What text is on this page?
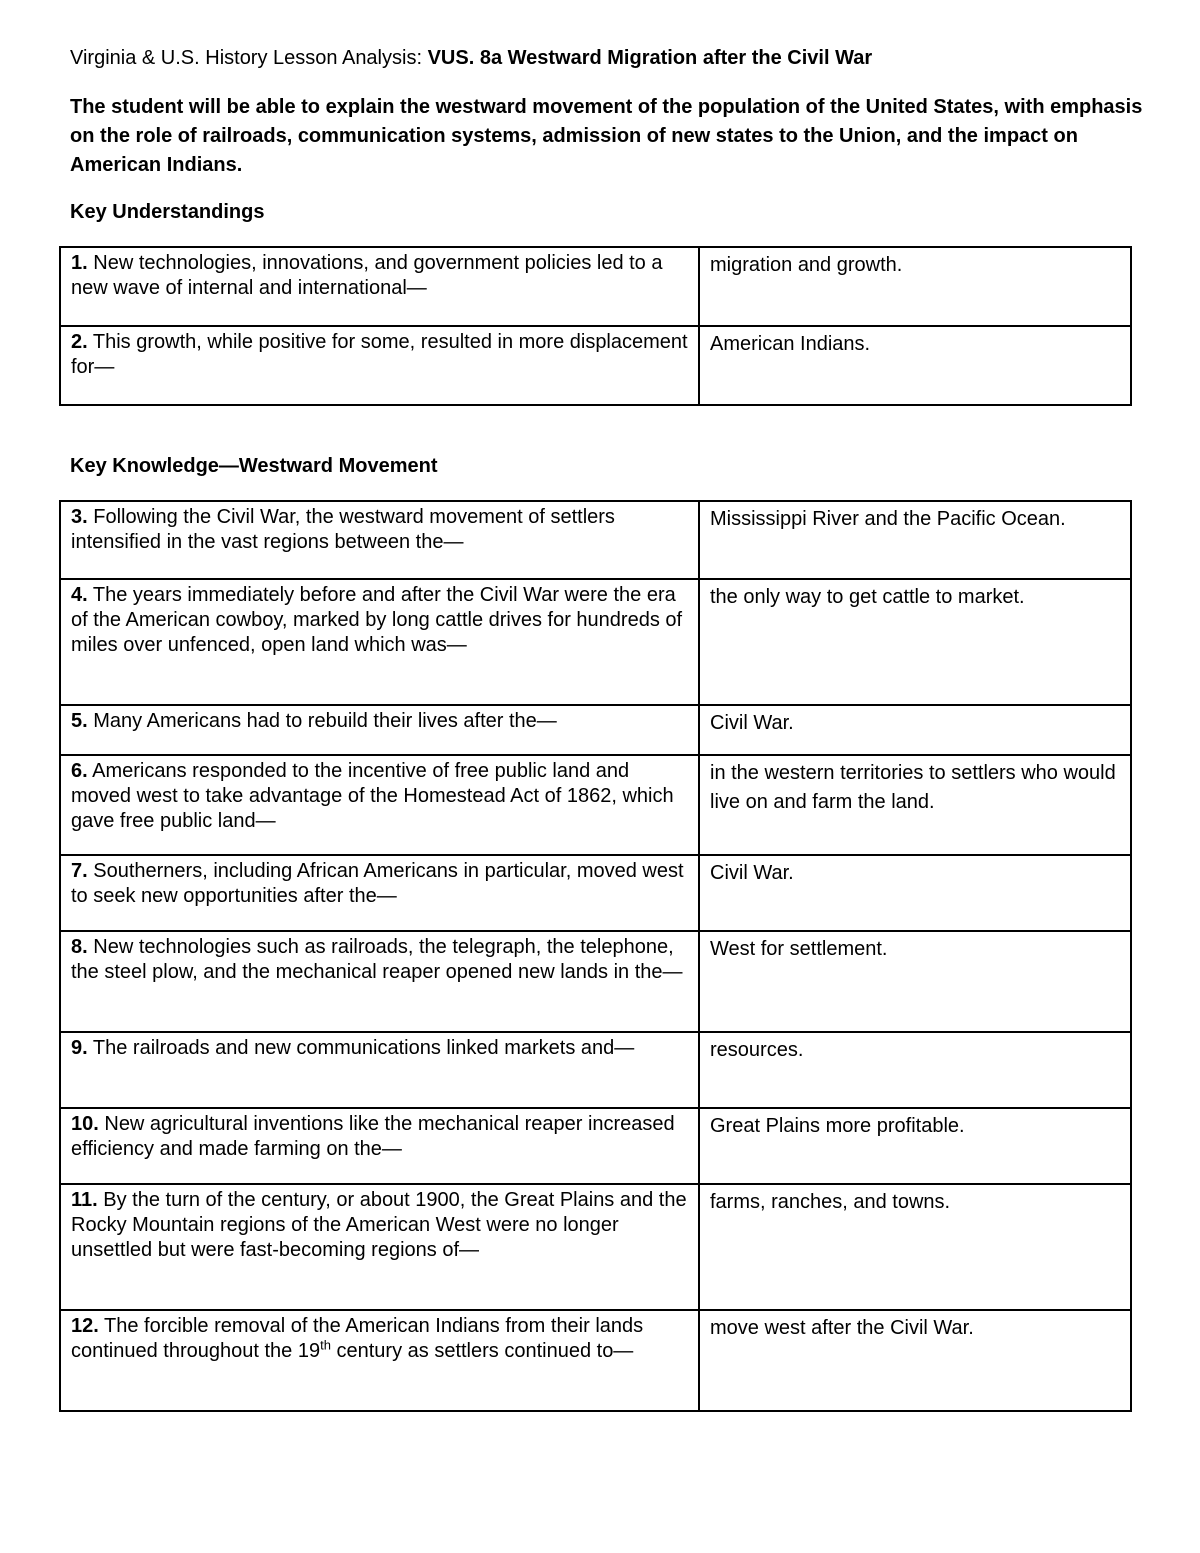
Virginia & U.S. History Lesson Analysis: VUS. 8a Westward Migration after the Civil War
The student will be able to explain the westward movement of the population of the United States, with emphasis on the role of railroads, communication systems, admission of new states to the Union, and the impact on American Indians.
Key Understandings
1. New technologies, innovations, and government policies led to a new wave of internal and international—	migration and growth.
2. This growth, while positive for some, resulted in more displacement for—	American Indians.
Key Knowledge—Westward Movement
3. Following the Civil War, the westward movement of settlers intensified in the vast regions between the—	Mississippi River and the Pacific Ocean.
4. The years immediately before and after the Civil War were the era of the American cowboy, marked by long cattle drives for hundreds of miles over unfenced, open land which was—	the only way to get cattle to market.
5. Many Americans had to rebuild their lives after the—	Civil War.
6. Americans responded to the incentive of free public land and moved west to take advantage of the Homestead Act of 1862, which gave free public land—	in the western territories to settlers who would live on and farm the land.
7. Southerners, including African Americans in particular, moved west to seek new opportunities after the—	Civil War.
8. New technologies such as railroads, the telegraph, the telephone, the steel plow, and the mechanical reaper opened new lands in the—	West for settlement.
9. The railroads and new communications linked markets and—	resources.
10. New agricultural inventions like the mechanical reaper increased efficiency and made farming on the—	Great Plains more profitable.
11. By the turn of the century, or about 1900, the Great Plains and the Rocky Mountain regions of the American West were no longer unsettled but were fast-becoming regions of—	farms, ranches, and towns.
12. The forcible removal of the American Indians from their lands continued throughout the 19th century as settlers continued to—	move west after the Civil War.
